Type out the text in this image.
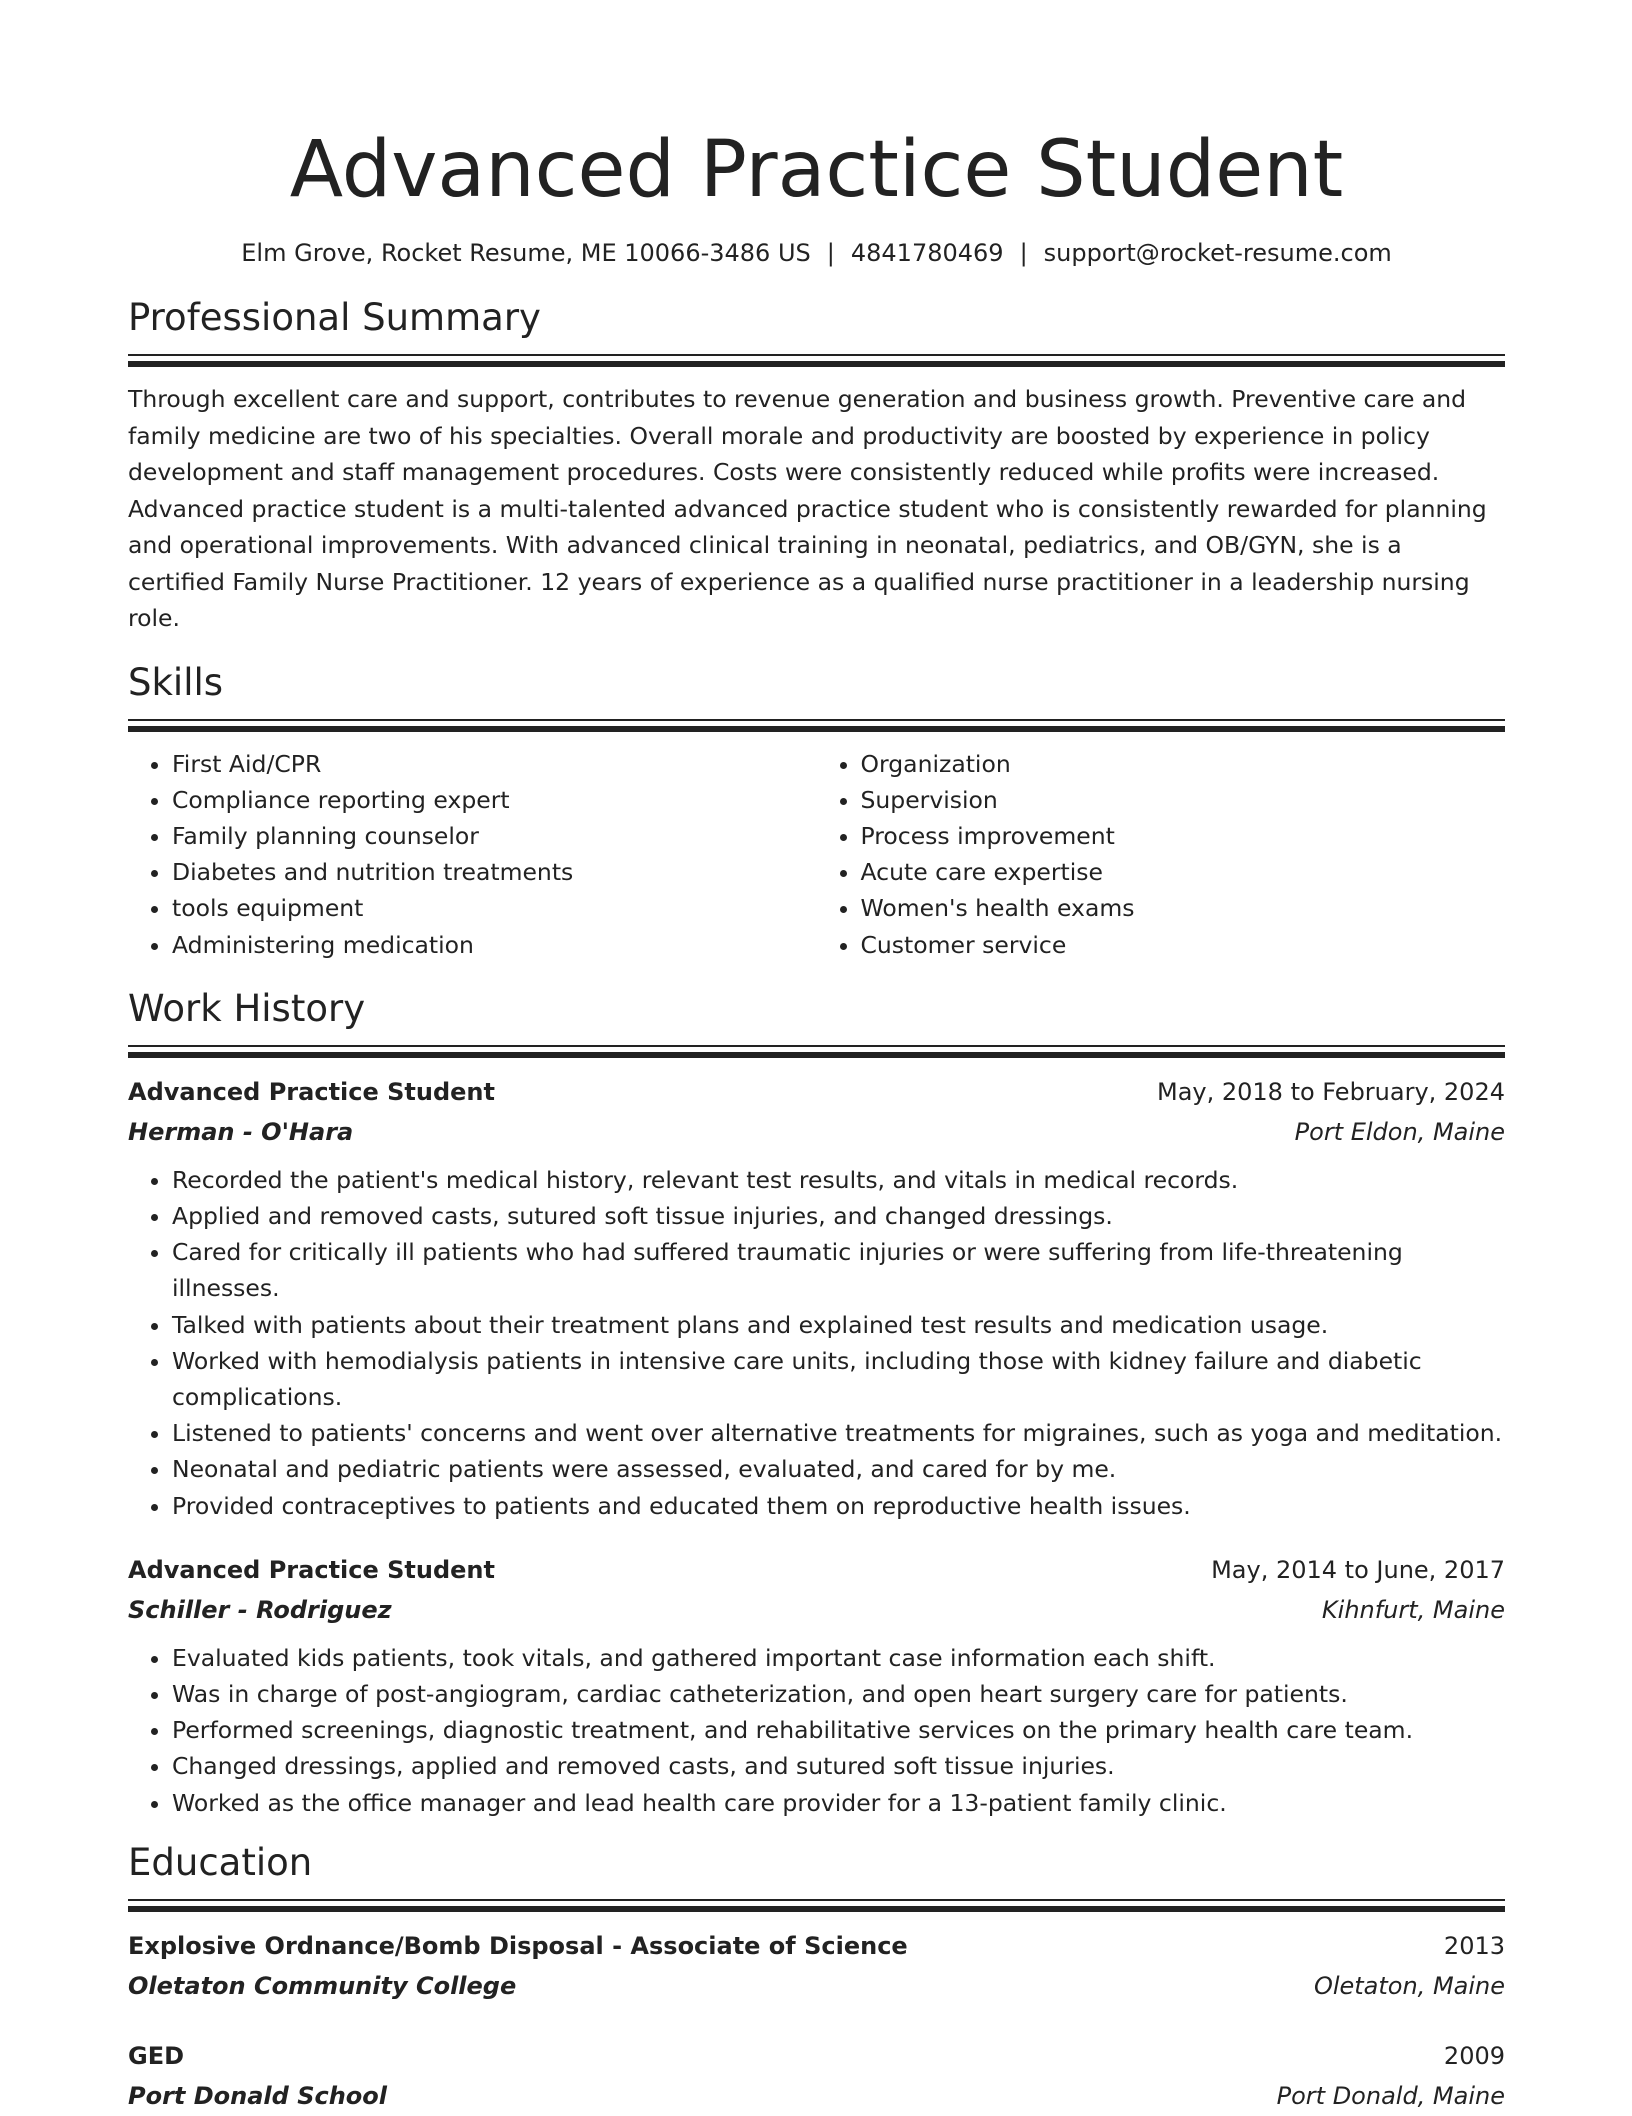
Advanced Practice Student
Elm Grove, Rocket Resume, ME 10066-3486 US | 4841780469 | support@rocket-resume.com
Professional Summary

Through excellent care and support, contributes to revenue generation and business growth. Preventive care and family medicine are two of his specialties. Overall morale and productivity are boosted by experience in policy development and staff management procedures. Costs were consistently reduced while profits were increased. Advanced practice student is a multi-talented advanced practice student who is consistently rewarded for planning and operational improvements. With advanced clinical training in neonatal, pediatrics, and OB/GYN, she is a certified Family Nurse Practitioner. 12 years of experience as a qualified nurse practitioner in a leadership nursing role.

Skills
• First Aid/CPR
• Compliance reporting expert
• Family planning counselor
• Diabetes and nutrition treatments
• tools equipment
• Administering medication
• Organization
• Supervision
• Process improvement
• Acute care expertise
• Women's health exams
• Customer service
Work History
Advanced Practice Student	May, 2018 to February, 2024
Herman - O'Hara	Port Eldon, Maine
• Recorded the patient's medical history, relevant test results, and vitals in medical records.
• Applied and removed casts, sutured soft tissue injuries, and changed dressings.
• Cared for critically ill patients who had suffered traumatic injuries or were suffering from life-threatening illnesses.
• Talked with patients about their treatment plans and explained test results and medication usage.
• Worked with hemodialysis patients in intensive care units, including those with kidney failure and diabetic complications.
• Listened to patients' concerns and went over alternative treatments for migraines, such as yoga and meditation.
• Neonatal and pediatric patients were assessed, evaluated, and cared for by me.
• Provided contraceptives to patients and educated them on reproductive health issues.
Advanced Practice Student	May, 2014 to June, 2017
Schiller - Rodriguez	Kihnfurt, Maine
• Evaluated kids patients, took vitals, and gathered important case information each shift.
• Was in charge of post-angiogram, cardiac catheterization, and open heart surgery care for patients.
• Performed screenings, diagnostic treatment, and rehabilitative services on the primary health care team.
• Changed dressings, applied and removed casts, and sutured soft tissue injuries.
• Worked as the office manager and lead health care provider for a 13-patient family clinic.
Education
Explosive Ordnance/Bomb Disposal - Associate of Science	2013
Oletaton Community College	Oletaton, Maine
GED	2009
Port Donald School	Port Donald, Maine
